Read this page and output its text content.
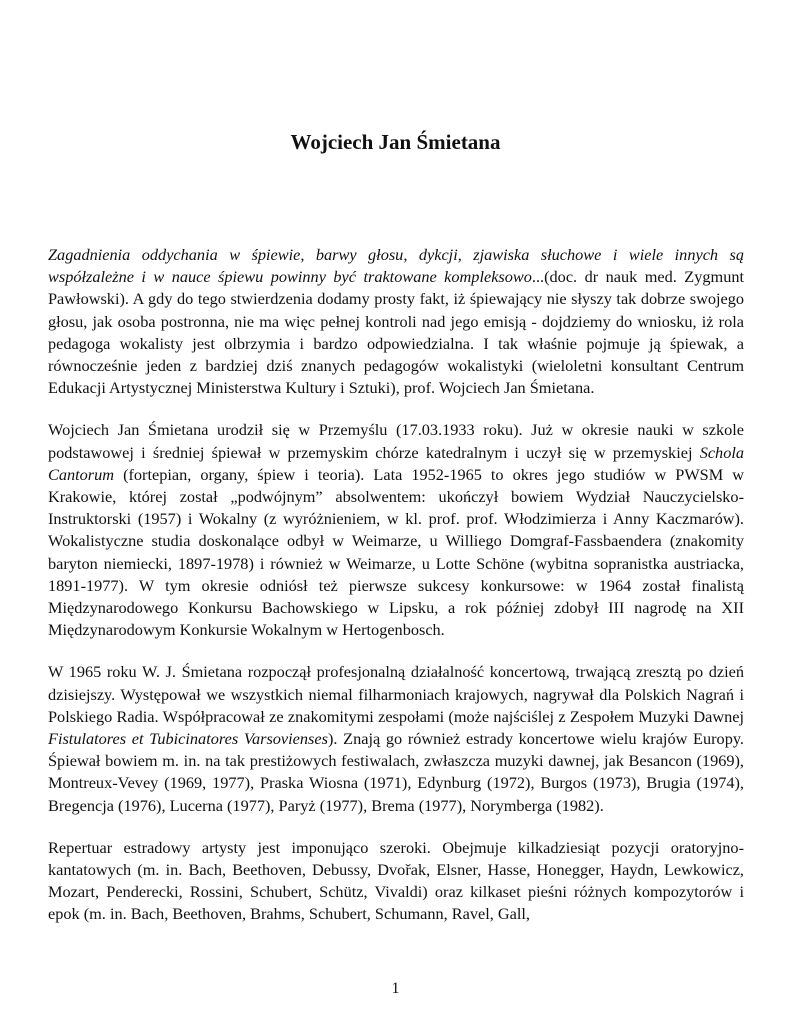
Wojciech Jan Śmietana

Zagadnienia oddychania w śpiewie, barwy głosu, dykcji, zjawiska słuchowe i wiele innych są współzależne i w nauce śpiewu powinny być traktowane kompleksowo...(doc. dr nauk med. Zygmunt Pawłowski). A gdy do tego stwierdzenia dodamy prosty fakt, iż śpiewający nie słyszy tak dobrze swojego głosu, jak osoba postronna, nie ma więc pełnej kontroli nad jego emisją - dojdziemy do wniosku, iż rola pedagoga wokalisty jest olbrzymia i bardzo odpowiedzialna. I tak właśnie pojmuje ją śpiewak, a równocześnie jeden z bardziej dziś znanych pedagogów wokalistyki (wieloletni konsultant Centrum Edukacji Artystycznej Ministerstwa Kultury i Sztuki), prof. Wojciech Jan Śmietana.

Wojciech Jan Śmietana urodził się w Przemyślu (17.03.1933 roku). Już w okresie nauki w szkole podstawowej i średniej śpiewał w przemyskim chórze katedralnym i uczył się w przemyskiej Schola Cantorum (fortepian, organy, śpiew i teoria). Lata 1952-1965 to okres jego studiów w PWSM w Krakowie, której został „podwójnym” absolwentem: ukończył bowiem Wydział Nauczycielsko-Instruktorski (1957) i Wokalny (z wyróżnieniem, w kl. prof. prof. Włodzimierza i Anny Kaczmarów). Wokalistyczne studia doskonalące odbył w Weimarze, u Williego Domgraf-Fassbaendera (znakomity baryton niemiecki, 1897-1978) i również w Weimarze, u Lotte Schöne (wybitna sopranistka austriacka, 1891-1977). W tym okresie odniósł też pierwsze sukcesy konkursowe: w 1964 został finalistą Międzynarodowego Konkursu Bachowskiego w Lipsku, a rok później zdobył III nagrodę na XII Międzynarodowym Konkursie Wokalnym w Hertogenbosch.

W 1965 roku W. J. Śmietana rozpoczął profesjonalną działalność koncertową, trwającą zresztą po dzień dzisiejszy. Występował we wszystkich niemal filharmoniach krajowych, nagrywał dla Polskich Nagrań i Polskiego Radia. Współpracował ze znakomitymi zespołami (może najściślej z Zespołem Muzyki Dawnej Fistulatores et Tubicinatores Varsovienses). Znają go również estrady koncertowe wielu krajów Europy. Śpiewał bowiem m. in. na tak prestiżowych festiwalach, zwłaszcza muzyki dawnej, jak Besancon (1969), Montreux-Vevey (1969, 1977), Praska Wiosna (1971), Edynburg (1972), Burgos (1973), Brugia (1974), Bregencja (1976), Lucerna (1977), Paryż (1977), Brema (1977), Norymberga (1982).

Repertuar estradowy artysty jest imponująco szeroki. Obejmuje kilkadziesiąt pozycji oratoryjno-kantatowych (m. in. Bach, Beethoven, Debussy, Dvořak, Elsner, Hasse, Honegger, Haydn, Lewkowicz, Mozart, Penderecki, Rossini, Schubert, Schütz, Vivaldi) oraz kilkaset pieśni różnych kompozytorów i epok (m. in. Bach, Beethoven, Brahms, Schubert, Schumann, Ravel, Gall,

1
